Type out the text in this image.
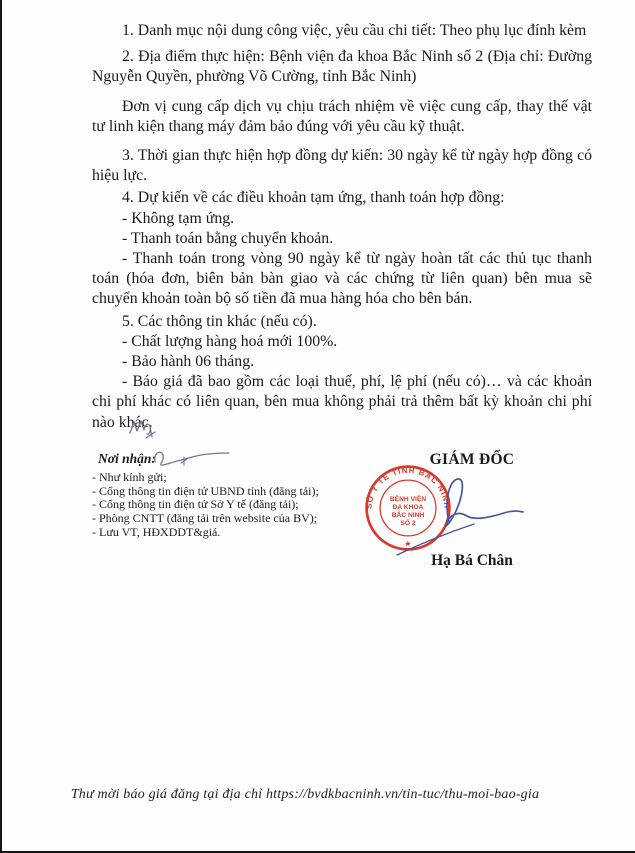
1. Danh mục nội dung công việc, yêu cầu chi tiết: Theo phụ lục đính kèm

2. Địa điểm thực hiện: Bệnh viện đa khoa Bắc Ninh số 2 (Địa chỉ: Đường Nguyễn Quyền, phường Võ Cường, tỉnh Bắc Ninh)

Đơn vị cung cấp dịch vụ chịu trách nhiệm về việc cung cấp, thay thế vật tư linh kiện thang máy đảm bảo đúng với yêu cầu kỹ thuật.

3. Thời gian thực hiện hợp đồng dự kiến: 30 ngày kể từ ngày hợp đồng có hiệu lực.

4. Dự kiến về các điều khoản tạm ứng, thanh toán hợp đồng:

- Không tạm ứng.

- Thanh toán bằng chuyển khoản.

- Thanh toán trong vòng 90 ngày kể từ ngày hoàn tất các thủ tục thanh toán (hóa đơn, biên bản bàn giao và các chứng từ liên quan) bên mua sẽ chuyển khoản toàn bộ số tiền đã mua hàng hóa cho bên bán.

5. Các thông tin khác (nếu có).

- Chất lượng hàng hoá mới 100%.

- Bảo hành 06 tháng.

- Báo giá đã bao gồm các loại thuế, phí, lệ phí (nếu có)… và các khoản chi phí khác có liên quan, bên mua không phải trả thêm bất kỳ khoản chi phí nào khác.

Nơi nhận:

- Như kính gửi;
- Cổng thông tin điện tử UBND tỉnh (đăng tải);
- Cổng thông tin điện tử Sở Y tế (đăng tải);
- Phòng CNTT (đăng tải trên website của BV);
- Lưu VT, HĐXDDT&giá.
GIÁM ĐỐC
SỞ Y TẾ TỈNH BẮC NINH
BỆNH VIỆN
ĐA KHOA
BẮC NINH
SỐ 2
★
Hạ Bá Chân
Thư mời báo giá đăng tại địa chỉ https://bvdkbacninh.vn/tin-tuc/thu-moi-bao-gia
